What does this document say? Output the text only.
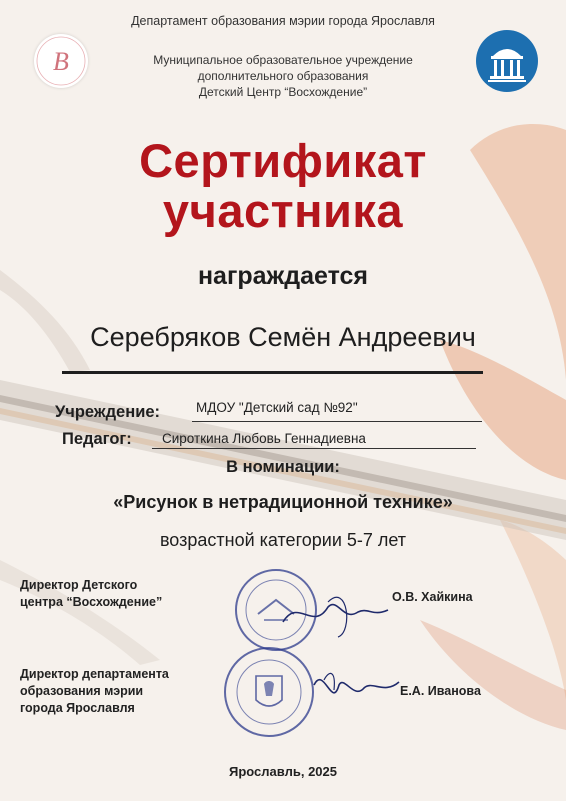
Департамент образования мэрии города Ярославля
B	Муниципальное образовательное учреждение
дополнительного образования
Детский Центр “Восхождение”
Сертификат
участника
награждается
Серебряков Семён Андреевич
Учреждение:	МДОУ "Детский сад №92"
Педагог: Сироткина Любовь Геннадиевна
В номинации:
«Рисунок в нетрадиционной технике»
возрастной категории 5-7 лет
Директор Детского
центра “Восхождение”	О.В. Хайкина
Директор департамента
образования мэрии
города Ярославля
Е.А. Иванова
Ярославль, 2025
